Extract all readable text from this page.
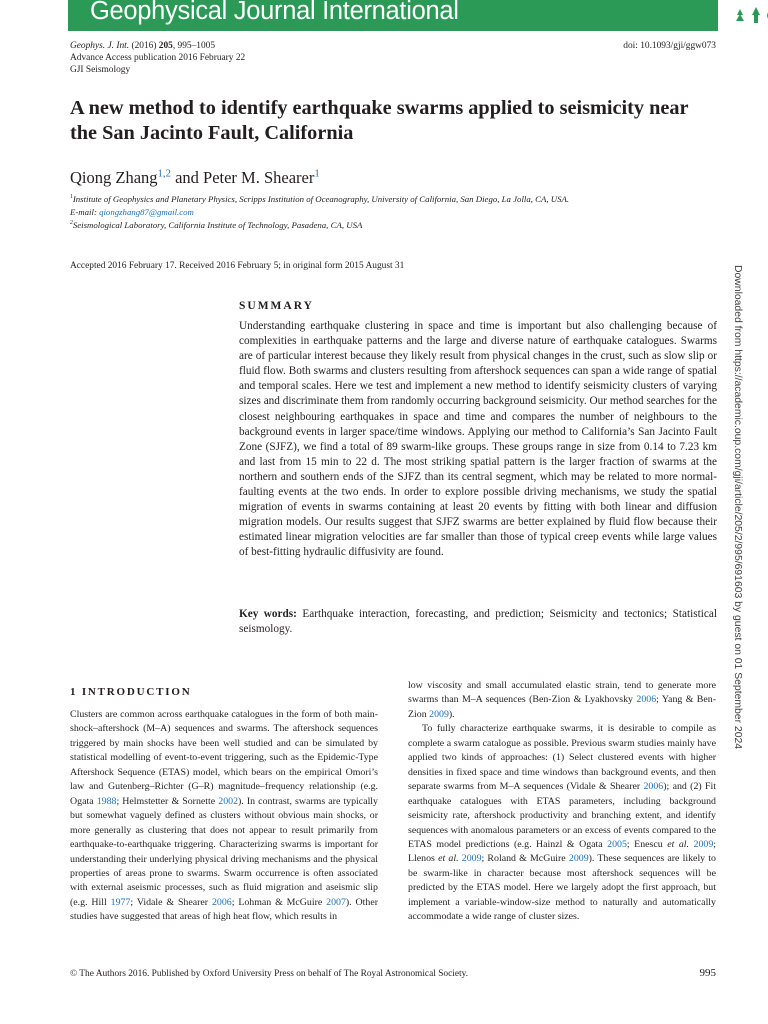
Geophysical Journal International
Geophys. J. Int. (2016) 205, 995–1005
Advance Access publication 2016 February 22
GJI Seismology
doi: 10.1093/gji/ggw073
A new method to identify earthquake swarms applied to seismicity near the San Jacinto Fault, California
Qiong Zhang$^{1,2}$ and Peter M. Shearer$^1$
$^1$Institute of Geophysics and Planetary Physics, Scripps Institution of Oceanography, University of California, San Diego, La Jolla, CA, USA.
E-mail: qiongzhang87@gmail.com
$^2$Seismological Laboratory, California Institute of Technology, Pasadena, CA, USA
Accepted 2016 February 17. Received 2016 February 5; in original form 2015 August 31
SUMMARY

Understanding earthquake clustering in space and time is important but also challenging because of complexities in earthquake patterns and the large and diverse nature of earthquake catalogues. Swarms are of particular interest because they likely result from physical changes in the crust, such as slow slip or fluid flow. Both swarms and clusters resulting from aftershock sequences can span a wide range of spatial and temporal scales. Here we test and implement a new method to identify seismicity clusters of varying sizes and discriminate them from randomly occurring background seismicity. Our method searches for the closest neighbouring earthquakes in space and time and compares the number of neighbours to the background events in larger space/time windows. Applying our method to California’s San Jacinto Fault Zone (SJFZ), we find a total of 89 swarm-like groups. These groups range in size from 0.14 to 7.23 km and last from 15 min to 22 d. The most striking spatial pattern is the larger fraction of swarms at the northern and southern ends of the SJFZ than its central segment, which may be related to more normal-faulting events at the two ends. In order to explore possible driving mechanisms, we study the spatial migration of events in swarms containing at least 20 events by fitting with both linear and diffusion migration models. Our results suggest that SJFZ swarms are better explained by fluid flow because their estimated linear migration velocities are far smaller than those of typical creep events while large values of best-fitting hydraulic diffusivity are found.

Key words: Earthquake interaction, forecasting, and prediction; Seismicity and tectonics; Statistical seismology.

1 INTRODUCTION

Clusters are common across earthquake catalogues in the form of both main-shock–aftershock (M–A) sequences and swarms. The aftershock sequences triggered by main shocks have been well studied and can be simulated by statistical modelling of event-to-event triggering, such as the Epidemic-Type Aftershock Sequence (ETAS) model, which bears on the empirical Omori’s law and Gutenberg–Richter (G–R) magnitude–frequency relationship (e.g. Ogata 1988; Helmstetter & Sornette 2002). In contrast, swarms are typically but somewhat vaguely defined as clusters without obvious main shocks, or more generally as clustering that does not appear to result primarily from earthquake-to-earthquake triggering. Characterizing swarms is important for understanding their underlying physical driving mechanisms and the physical properties of areas prone to swarms. Swarm occurrence is often associated with external aseismic processes, such as fluid migration and aseismic slip (e.g. Hill 1977; Vidale & Shearer 2006; Lohman & McGuire 2007). Other studies have suggested that areas of high heat flow, which results in

low viscosity and small accumulated elastic strain, tend to generate more swarms than M–A sequences (Ben-Zion & Lyakhovsky 2006; Yang & Ben-Zion 2009).
To fully characterize earthquake swarms, it is desirable to compile as complete a swarm catalogue as possible. Previous swarm studies mainly have applied two kinds of approaches: (1) Select clustered events with higher densities in fixed space and time windows than background events, and then separate swarms from M–A sequences (Vidale & Shearer 2006); and (2) Fit earthquake catalogues with ETAS parameters, including background seismicity rate, aftershock productivity and branching extent, and identify sequences with anomalous parameters or an excess of events compared to the ETAS model predictions (e.g. Hainzl & Ogata 2005; Enescu et al. 2009; Llenos et al. 2009; Roland & McGuire 2009). These sequences are likely to be swarm-like in character because most aftershock sequences will be predicted by the ETAS model. Here we largely adopt the first approach, but implement a variable-window-size method to naturally and automatically accommodate a wide range of cluster sizes.
© The Authors 2016. Published by Oxford University Press on behalf of The Royal Astronomical Society.	995
Downloaded from https://academic.oup.com/gji/article/205/2/995/691603 by guest on 01 September 2024
